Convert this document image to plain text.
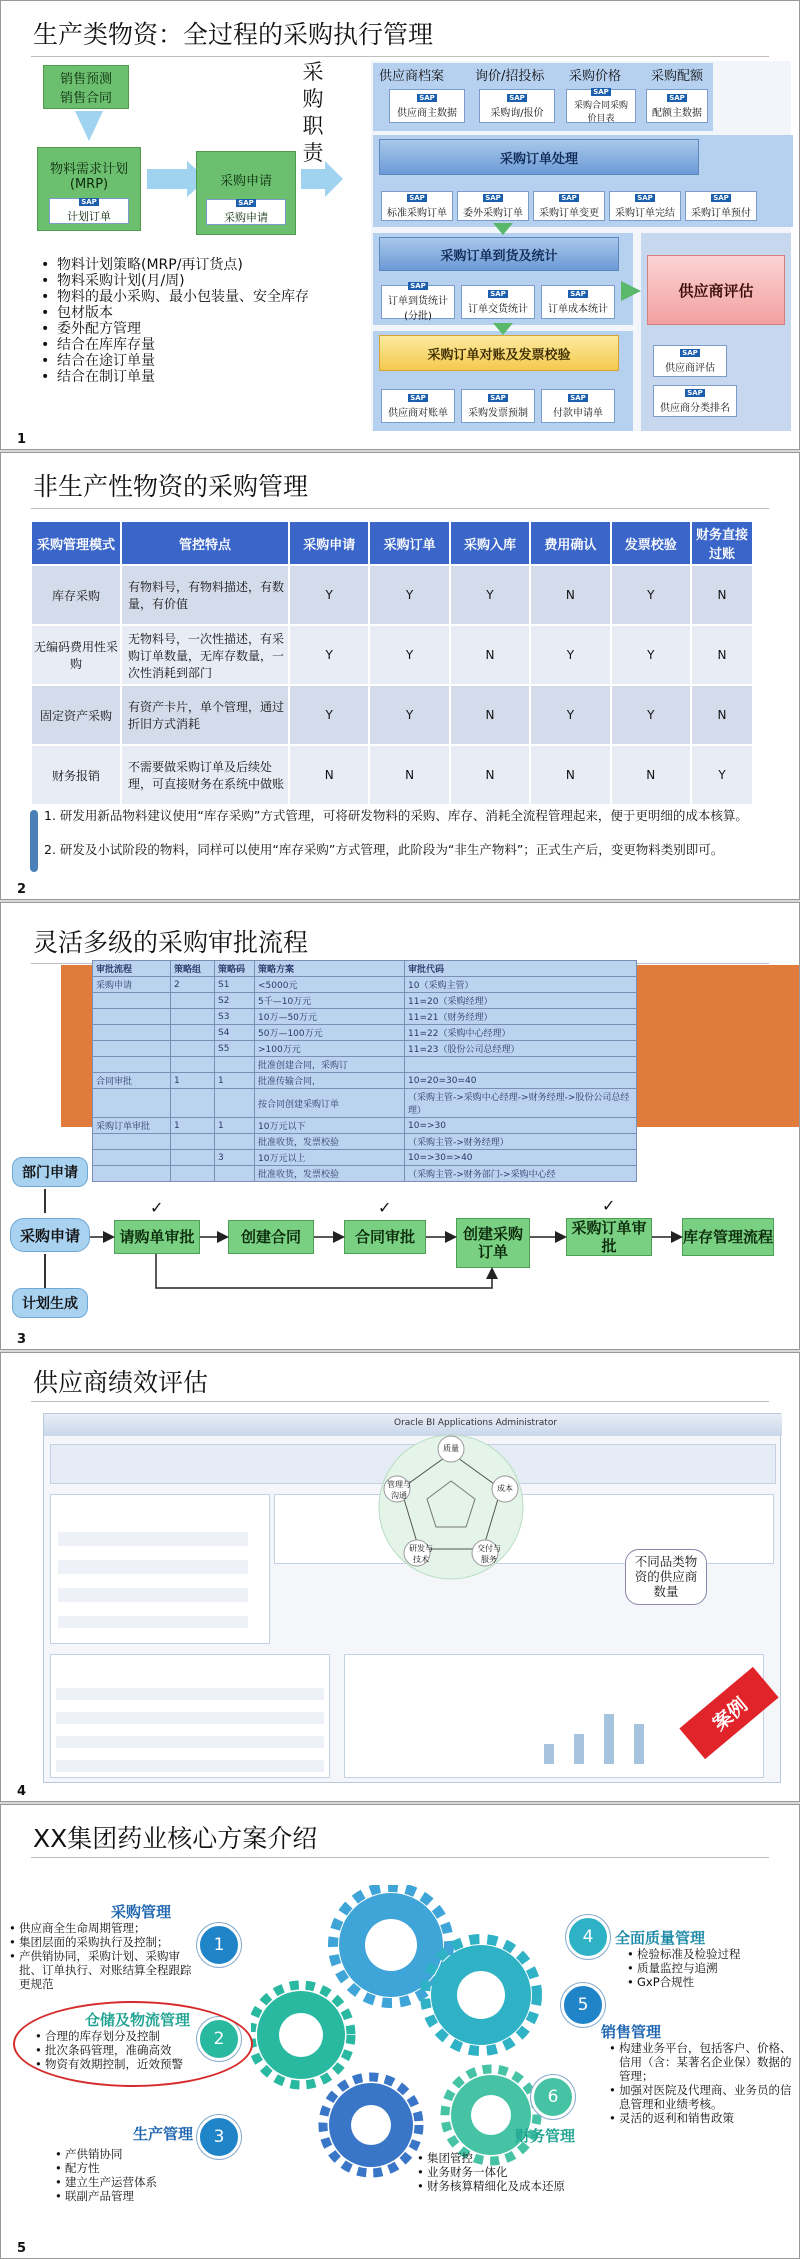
生产类物资：全过程的采购执行管理
销售预测
销售合同
物料需求计划
(MRP)
SAP
计划订单
采购申请
SAP
采购申请
采购职责
供应商档案 询价/招投标 采购价格 采购配额
SAP
供应商主数据
SAP
采购询/报价
SAP
采购合同采购价目表
SAP
配额主数据
采购订单处理
SAP
标准采购订单
SAP
委外采购订单
SAP
采购订单变更
SAP
采购订单完结
SAP
采购订单预付
采购订单到货及统计
SAP
订单到货统计(分批)
SAP
订单交货统计
SAP
订单成本统计
采购订单对账及发票校验
SAP
供应商对账单
SAP
采购发票预制
SAP
付款申请单
供应商评估
SAP
供应商评估
SAP
供应商分类排名
• 物料计划策略(MRP/再订货点)
• 物料采购计划(月/周)
• 物料的最小采购、最小包装量、安全库存
• 包材版本
• 委外配方管理
• 结合在库库存量
• 结合在途订单量
• 结合在制订单量
1
非生产性物资的采购管理
2
采购管理模式	管控特点	采购申请	采购订单	采购入库	费用确认	发票校验	财务直接过账
库存采购	有物料号，有物料描述，有数量，有价值	Y	Y	Y	N	Y	N
无编码费用性采购	无物料号，一次性描述，有采购订单数量，无库存数量，一次性消耗到部门	Y	Y	N	Y	Y	N
固定资产采购	有资产卡片，单个管理，通过折旧方式消耗	Y	Y	N	Y	Y	N
财务报销	不需要做采购订单及后续处理，可直接财务在系统中做账	N	N	N	N	N	Y
1. 研发用新品物料建议使用“库存采购”方式管理，可将研发物料的采购、库存、消耗全流程管理起来，便于更明细的成本核算。
2. 研发及小试阶段的物料，同样可以使用“库存采购”方式管理，此阶段为“非生产物料”；正式生产后，变更物料类别即可。
灵活多级的采购审批流程
3
审批流程	策略组	策略码	策略方案	审批代码
采购申请	2	S1	<5000元	10（采购主管）
		S2	5千—10万元	11=20（采购经理）
		S3	10万—50万元	11=21（财务经理）
		S4	50万—100万元	11=22（采购中心经理）
		S5	>100万元	11=23（股份公司总经理）
			批准创建合同，采购订	
合同审批	1	1	批准传输合同，	10=20=30=40
			按合同创建采购订单	（采购主管->采购中心经理->财务经理->股份公司总经理）
采购订单审批	1	1	10万元以下	10=>30
			批准收货，发票校验	（采购主管->财务经理）
		3	10万元以上	10=>30=>40
			批准收货，发票校验	（采购主管->财务部门->采购中心经
部门申请
计划生成
采购申请	请购单审批	创建合同	合同审批	创建采购订单
采购订单审批	库存管理流程
✓	✓	✓
供应商绩效评估
Oracle BI Applications Administrator
质量
成本
交付与服务
研发与技术
管理与沟通
不同品类物资的供应商数量
案例
4
XX集团药业核心方案介绍
1
2
3
4
5
6
采购管理
• 供应商全生命周期管理；
• 集团层面的采购执行及控制；
• 产供销协同，采购计划、采购审批、订单执行、对账结算全程跟踪更规范
仓储及物流管理
• 合理的库存划分及控制
• 批次条码管理，准确高效
• 物资有效期控制，近效预警
生产管理
• 产供销协同
• 配方性
• 建立生产运营体系
• 联副产品管理
全面质量管理
• 检验标准及检验过程
• 质量监控与追溯
• GxP合规性
销售管理
• 构建业务平台，包括客户、价格、信用（含：某著名企业保）数据的管理；
• 加强对医院及代理商、业务员的信息管理和业绩考核。
• 灵活的返利和销售政策
财务管理
• 集团管控
• 业务财务一体化
• 财务核算精细化及成本还原
5
